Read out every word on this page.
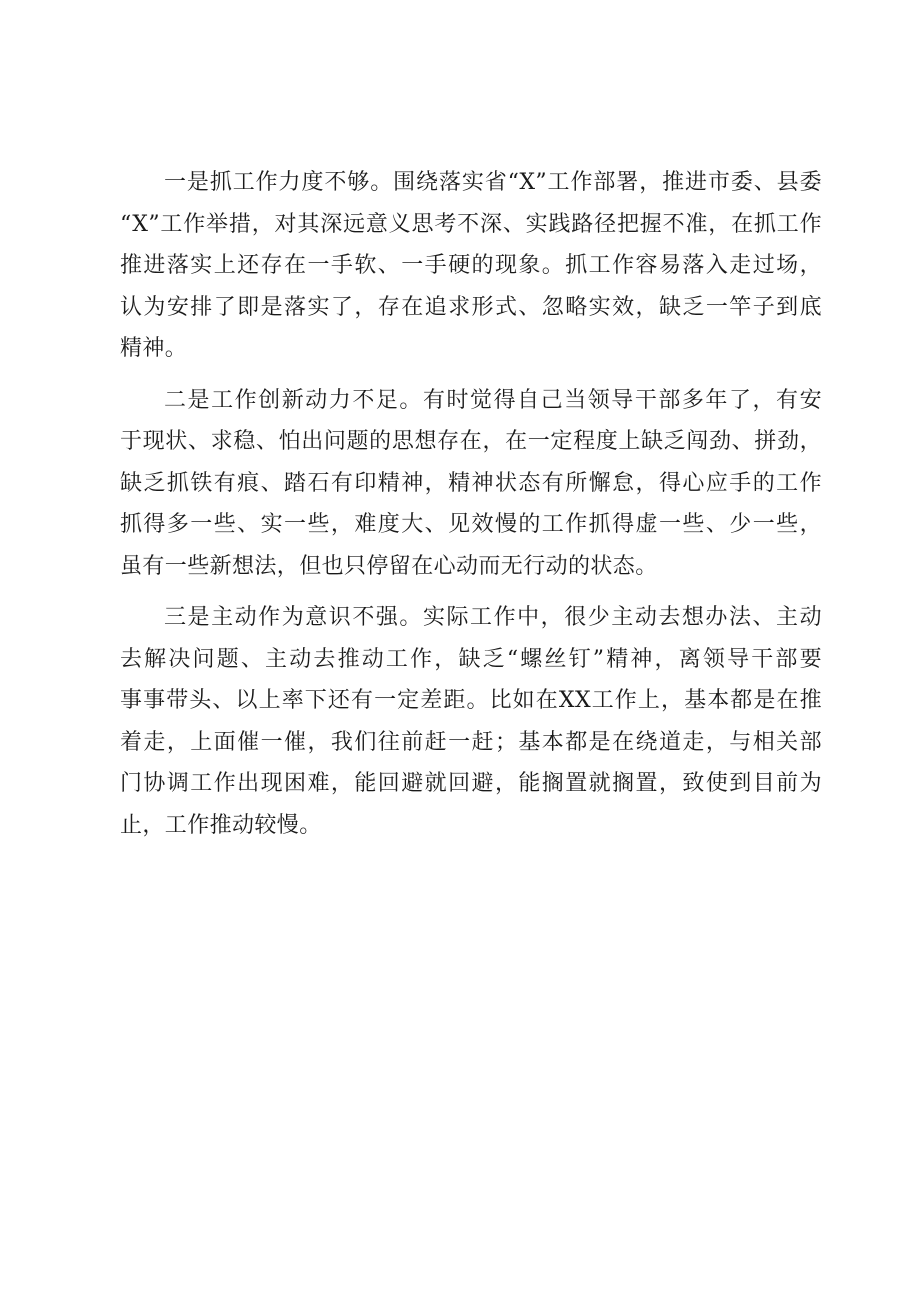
一是抓工作力度不够。围绕落实省“X”工作部署，推进市委、县委
“X”工作举措，对其深远意义思考不深、实践路径把握不准，在抓工作
推进落实上还存在一手软、一手硬的现象。抓工作容易落入走过场，
认为安排了即是落实了，存在追求形式、忽略实效，缺乏一竿子到底
精神。

二是工作创新动力不足。有时觉得自己当领导干部多年了，有安
于现状、求稳、怕出问题的思想存在，在一定程度上缺乏闯劲、拼劲，
缺乏抓铁有痕、踏石有印精神，精神状态有所懈怠，得心应手的工作
抓得多一些、实一些，难度大、见效慢的工作抓得虚一些、少一些，
虽有一些新想法，但也只停留在心动而无行动的状态。

三是主动作为意识不强。实际工作中，很少主动去想办法、主动
去解决问题、主动去推动工作，缺乏“螺丝钉”精神，离领导干部要
事事带头、以上率下还有一定差距。比如在XX工作上，基本都是在推
着走，上面催一催，我们往前赶一赶；基本都是在绕道走，与相关部
门协调工作出现困难，能回避就回避，能搁置就搁置，致使到目前为
止，工作推动较慢。
